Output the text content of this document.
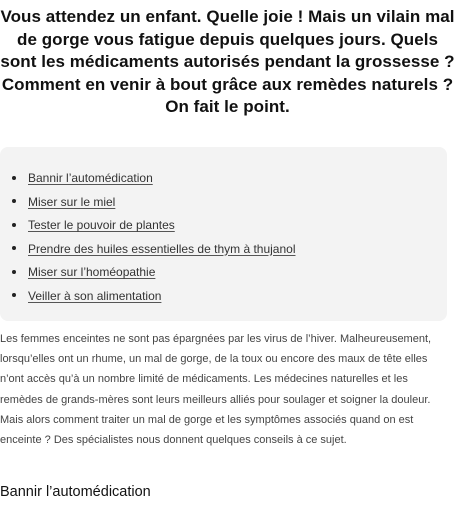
Vous attendez un enfant. Quelle joie ! Mais un vilain mal de gorge vous fatigue depuis quelques jours. Quels sont les médicaments autorisés pendant la grossesse ? Comment en venir à bout grâce aux remèdes naturels ? On fait le point.

Bannir l’automédication
Miser sur le miel
Tester le pouvoir de plantes
Prendre des huiles essentielles de thym à thujanol
Miser sur l’homéopathie
Veiller à son alimentation

Les femmes enceintes ne sont pas épargnées par les virus de l’hiver. Malheureusement, lorsqu’elles ont un rhume, un mal de gorge, de la toux ou encore des maux de tête elles n’ont accès qu’à un nombre limité de médicaments. Les médecines naturelles et les remèdes de grands-mères sont leurs meilleurs alliés pour soulager et soigner la douleur. Mais alors comment traiter un mal de gorge et les symptômes associés quand on est enceinte ? Des spécialistes nous donnent quelques conseils à ce sujet.

Bannir l’automédication
